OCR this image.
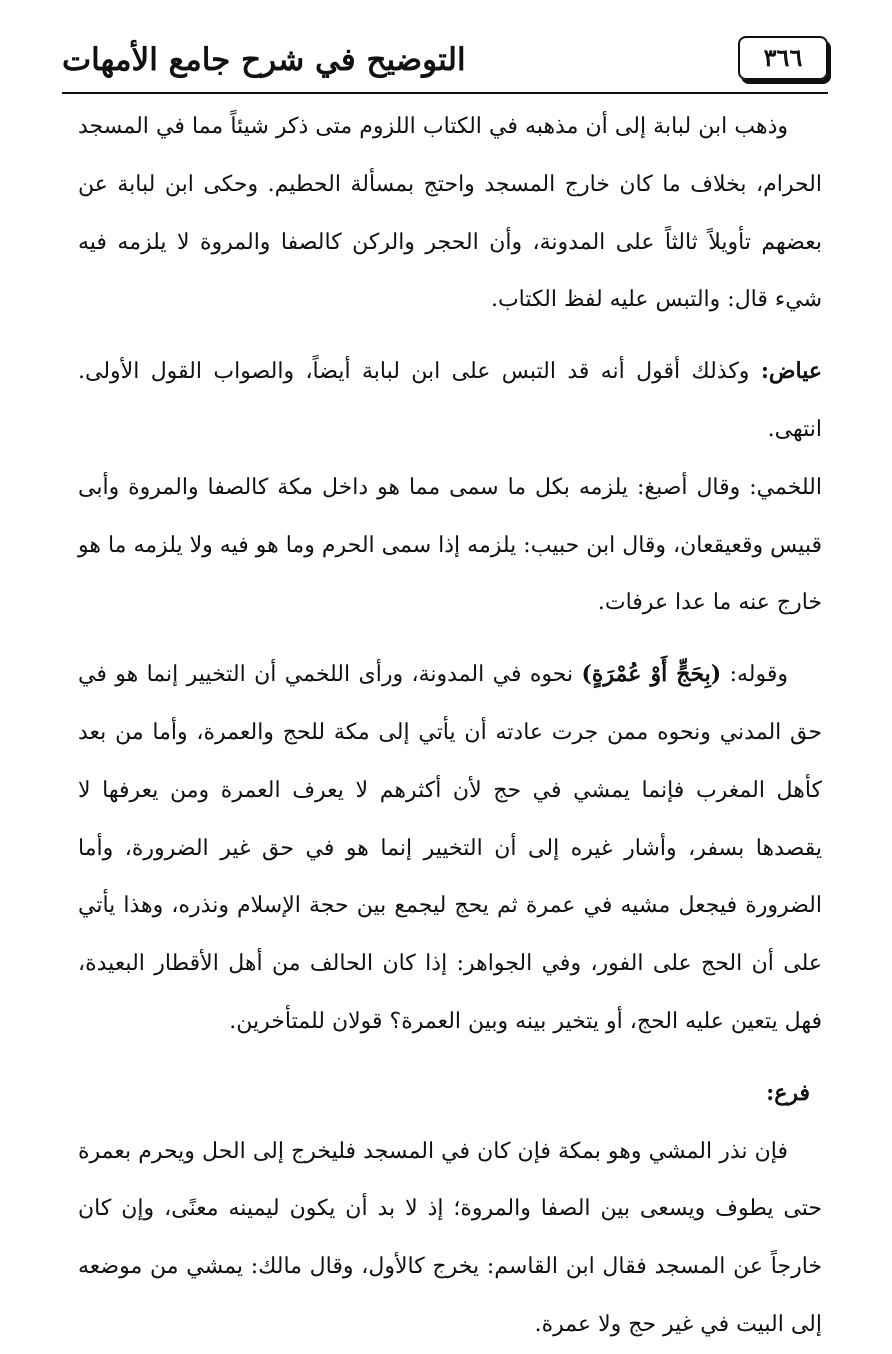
التوضيح في شرح جامع الأمهات	٣٦٦

وذهب ابن لبابة إلى أن مذهبه في الكتاب اللزوم متى ذكر شيئاً مما في المسجد الحرام، بخلاف ما كان خارج المسجد واحتج بمسألة الحطيم. وحكى ابن لبابة عن بعضهم تأويلاً ثالثاً على المدونة، وأن الحجر والركن كالصفا والمروة لا يلزمه فيه شيء قال: والتبس عليه لفظ الكتاب.

عياض: وكذلك أقول أنه قد التبس على ابن لبابة أيضاً، والصواب القول الأولى. انتهى.

اللخمي: وقال أصبغ: يلزمه بكل ما سمى مما هو داخل مكة كالصفا والمروة وأبى قبيس وقعيقعان، وقال ابن حبيب: يلزمه إذا سمى الحرم وما هو فيه ولا يلزمه ما هو خارج عنه ما عدا عرفات.

وقوله: (بِحَجٍّ أَوْ عُمْرَةٍ) نحوه في المدونة، ورأى اللخمي أن التخيير إنما هو في حق المدني ونحوه ممن جرت عادته أن يأتي إلى مكة للحج والعمرة، وأما من بعد كأهل المغرب فإنما يمشي في حج لأن أكثرهم لا يعرف العمرة ومن يعرفها لا يقصدها بسفر، وأشار غيره إلى أن التخيير إنما هو في حق غير الضرورة، وأما الضرورة فيجعل مشيه في عمرة ثم يحج ليجمع بين حجة الإسلام ونذره، وهذا يأتي على أن الحج على الفور، وفي الجواهر: إذا كان الحالف من أهل الأقطار البعيدة، فهل يتعين عليه الحج، أو يتخير بينه وبين العمرة؟ قولان للمتأخرين.

فرع:

فإن نذر المشي وهو بمكة فإن كان في المسجد فليخرج إلى الحل ويحرم بعمرة حتى يطوف ويسعى بين الصفا والمروة؛ إذ لا بد أن يكون ليمينه معنًى، وإن كان خارجاً عن المسجد فقال ابن القاسم: يخرج كالأول، وقال مالك: يمشي من موضعه إلى البيت في غير حج ولا عمرة.
